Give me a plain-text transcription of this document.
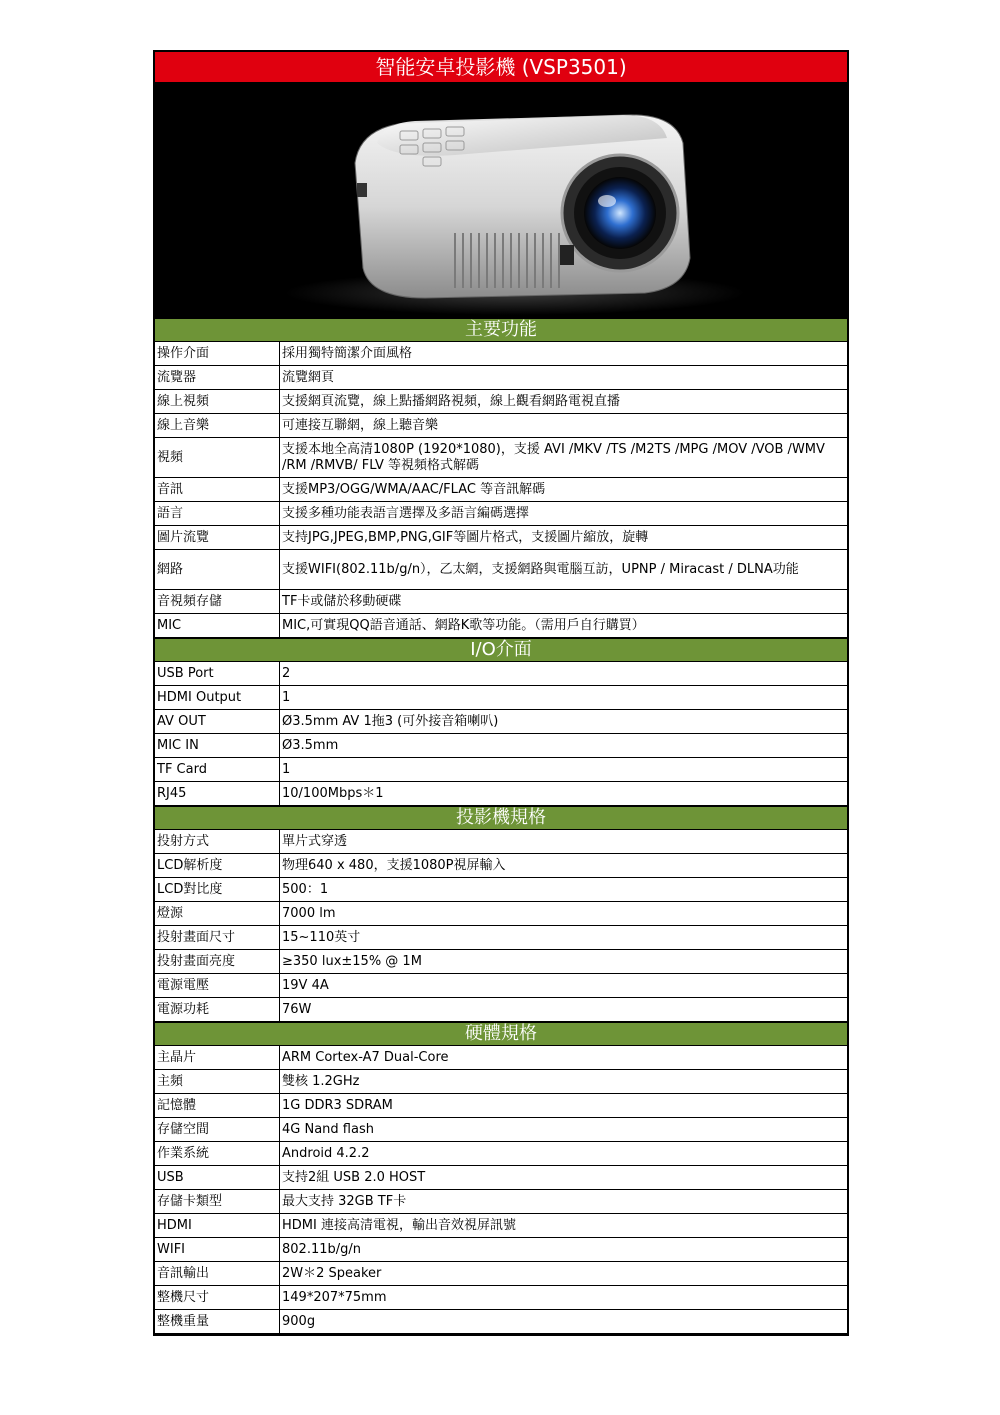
智能安卓投影機 (VSP3501)
主要功能
操作介面	採用獨特簡潔介面風格
流覽器	流覽網頁
線上視頻	支援網頁流覽，線上點播網路視頻，線上觀看網路電視直播
線上音樂	可連接互聯網，線上聽音樂
視頻	支援本地全高清1080P (1920*1080)，支援 AVI /MKV /TS /M2TS /MPG /MOV /VOB /WMV /RM /RMVB/ FLV 等視頻格式解碼
音訊	支援MP3/OGG/WMA/AAC/FLAC 等音訊解碼
語言	支援多種功能表語言選擇及多語言編碼選擇
圖片流覽	支持JPG,JPEG,BMP,PNG,GIF等圖片格式，支援圖片縮放，旋轉
網路	支援WIFI(802.11b/g/n），乙太網，支援網路與電腦互訪，UPNP / Miracast / DLNA功能
音視頻存儲	TF卡或儲於移動硬碟
MIC	MIC,可實現QQ語音通話、網路K歌等功能。（需用戶自行購買）
I/O介面
USB Port	2
HDMI Output	1
AV OUT	Ø3.5mm AV 1拖3 (可外接音箱喇叭)
MIC IN	Ø3.5mm
TF Card	1
RJ45	10/100Mbps＊1
投影機規格
投射方式	單片式穿透
LCD解析度	物理640 x 480，支援1080P視屏輸入
LCD對比度	500：1
燈源	7000 lm
投射畫面尺寸	15~110英寸
投射畫面亮度	≥350 lux±15% @ 1M
電源電壓	19V 4A
電源功耗	76W
硬體規格
主晶片	ARM Cortex-A7 Dual-Core
主頻	雙核 1.2GHz
記憶體	1G DDR3 SDRAM
存儲空間	4G Nand flash
作業系統	Android 4.2.2
USB	支持2組 USB 2.0 HOST
存儲卡類型	最大支持 32GB TF卡
HDMI	HDMI 連接高清電視，輸出音效視屏訊號
WIFI	802.11b/g/n
音訊輸出	2W＊2 Speaker
整機尺寸	149*207*75mm
整機重量	900g
